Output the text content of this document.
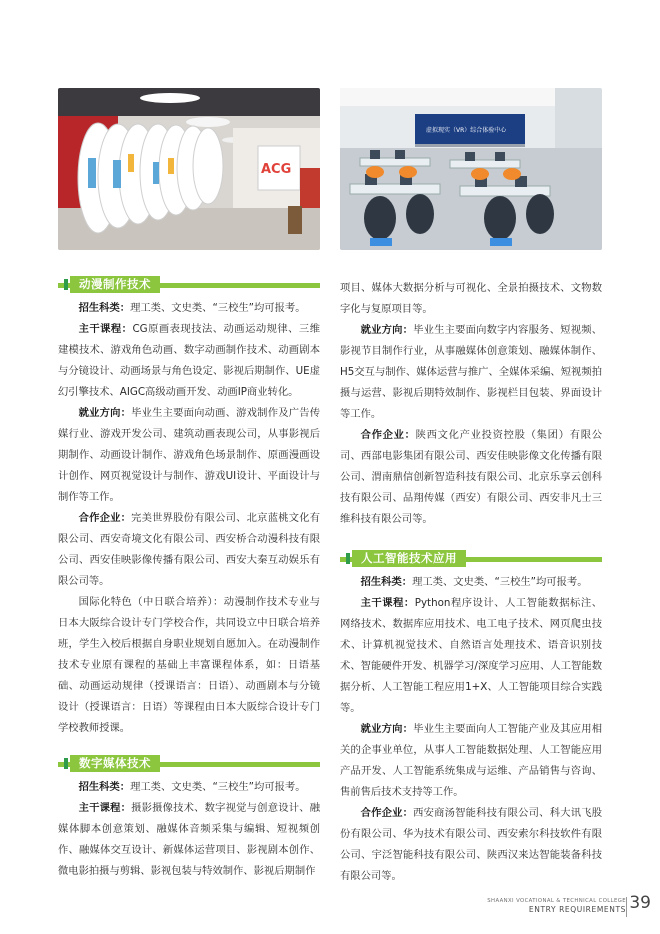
ACG
虚拟现实（VR）综合体验中心
动漫制作技术

招生科类：理工类、文史类、“三校生”均可报考。

主干课程：CG原画表现技法、动画运动规律、三维建模技术、游戏角色动画、数字动画制作技术、动画剧本与分镜设计、动画场景与角色设定、影视后期制作、UE虚幻引擎技术、AIGC高级动画开发、动画IP商业转化。

就业方向：毕业生主要面向动画、游戏制作及广告传媒行业、游戏开发公司、建筑动画表现公司，从事影视后期制作、动画设计制作、游戏角色场景制作、原画漫画设计创作、网页视觉设计与制作、游戏UI设计、平面设计与制作等工作。

合作企业：完美世界股份有限公司、北京蓝桃文化有限公司、西安奇境文化有限公司、西安桥合动漫科技有限公司、西安佳映影像传播有限公司、西安大秦互动娱乐有限公司等。

国际化特色（中日联合培养）：动漫制作技术专业与日本大阪综合设计专门学校合作，共同设立中日联合培养班，学生入校后根据自身职业规划自愿加入。在动漫制作技术专业原有课程的基础上丰富课程体系，如：日语基础、动画运动规律（授课语言：日语）、动画剧本与分镜设计（授课语言：日语）等课程由日本大阪综合设计专门学校教师授课。

数字媒体技术

招生科类：理工类、文史类、“三校生”均可报考。

主干课程：摄影摄像技术、数字视觉与创意设计、融媒体脚本创意策划、融媒体音频采集与编辑、短视频创作、融媒体交互设计、新媒体运营项目、影视剧本创作、微电影拍摄与剪辑、影视包装与特效制作、影视后期制作

项目、媒体大数据分析与可视化、全景拍摄技术、文物数字化与复原项目等。

就业方向：毕业生主要面向数字内容服务、短视频、影视节目制作行业，从事融媒体创意策划、融媒体制作、H5交互与制作、媒体运营与推广、全媒体采编、短视频拍摄与运营、影视后期特效制作、影视栏目包装、界面设计等工作。

合作企业：陕西文化产业投资控股（集团）有限公司、西部电影集团有限公司、西安佳映影像文化传播有限公司、渭南鼎信创新智造科技有限公司、北京乐享云创科技有限公司、品翔传媒（西安）有限公司、西安非凡士三维科技有限公司等。

人工智能技术应用

招生科类：理工类、文史类、“三校生”均可报考。

主干课程：Python程序设计、人工智能数据标注、网络技术、数据库应用技术、电工电子技术、网页爬虫技术、计算机视觉技术、自然语言处理技术、语音识别技术、智能硬件开发、机器学习/深度学习应用、人工智能数据分析、人工智能工程应用1+X、人工智能项目综合实践等。

就业方向：毕业生主要面向人工智能产业及其应用相关的企事业单位，从事人工智能数据处理、人工智能应用产品开发、人工智能系统集成与运维、产品销售与咨询、售前售后技术支持等工作。

合作企业：西安商汤智能科技有限公司、科大讯飞股份有限公司、华为技术有限公司、西安索尔科技软件有限公司、宇泛智能科技有限公司、陕西汉来达智能装备科技有限公司等。

SHAANXI VOCATIONAL & TECHNICAL COLLEGE
ENTRY REQUIREMENTS 39
